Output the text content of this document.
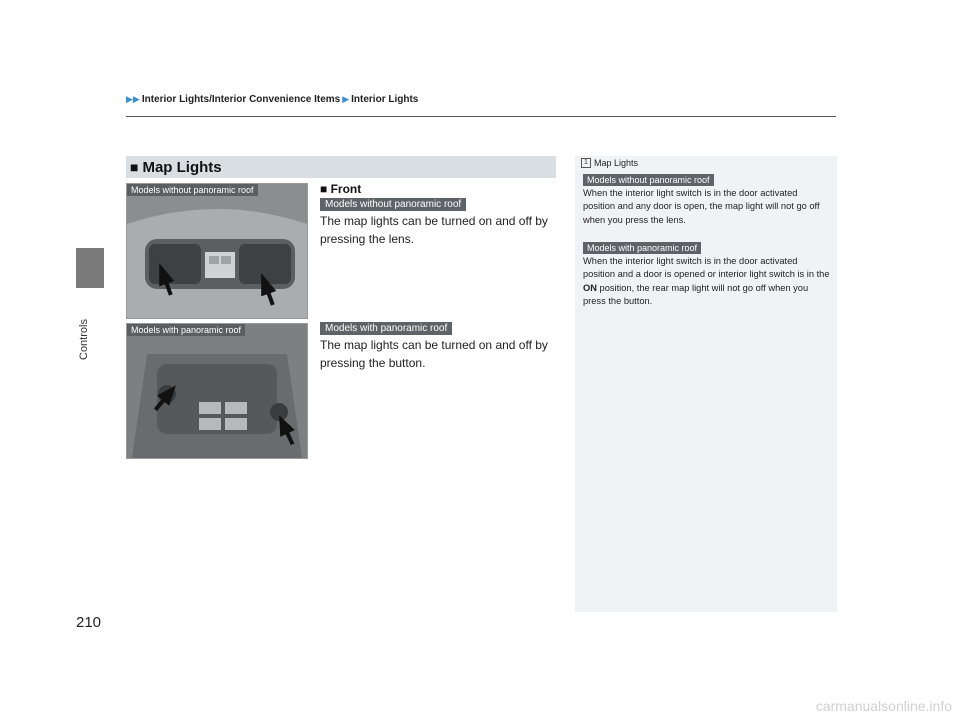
▶▶ Interior Lights/Interior Convenience Items ▶ Interior Lights
Controls
210
■ Map Lights
Models without panoramic roof
Models with panoramic roof
■ Front
Models without panoramic roof
The map lights can be turned on and off by pressing the lens.
Models with panoramic roof
The map lights can be turned on and off by pressing the button.
1 Map Lights
Models without panoramic roof
When the interior light switch is in the door activated position and any door is open, the map light will not go off when you press the lens.
Models with panoramic roof
When the interior light switch is in the door activated position and a door is opened or interior light switch is in the ON position, the rear map light will not go off when you press the button.
carmanualsonline.info
